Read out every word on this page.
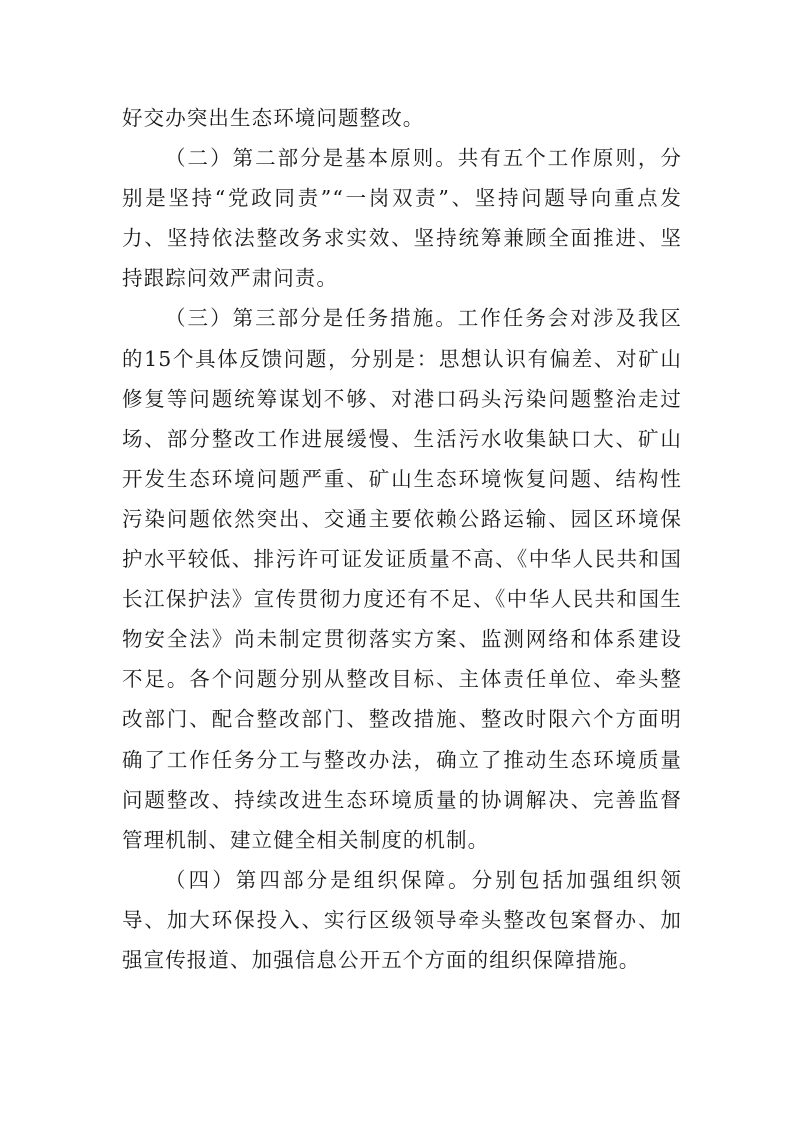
好交办突出生态环境问题整改。

（二）第二部分是基本原则。共有五个工作原则，分别是坚持“党政同责”“一岗双责”、坚持问题导向重点发力、坚持依法整改务求实效、坚持统筹兼顾全面推进、坚持跟踪问效严肃问责。

（三）第三部分是任务措施。工作任务会对涉及我区的15个具体反馈问题，分别是：思想认识有偏差、对矿山修复等问题统筹谋划不够、对港口码头污染问题整治走过场、部分整改工作进展缓慢、生活污水收集缺口大、矿山开发生态环境问题严重、矿山生态环境恢复问题、结构性污染问题依然突出、交通主要依赖公路运输、园区环境保护水平较低、排污许可证发证质量不高、《中华人民共和国长江保护法》宣传贯彻力度还有不足、《中华人民共和国生物安全法》尚未制定贯彻落实方案、监测网络和体系建设不足。各个问题分别从整改目标、主体责任单位、牵头整改部门、配合整改部门、整改措施、整改时限六个方面明确了工作任务分工与整改办法，确立了推动生态环境质量问题整改、持续改进生态环境质量的协调解决、完善监督管理机制、建立健全相关制度的机制。

（四）第四部分是组织保障。分别包括加强组织领导、加大环保投入、实行区级领导牵头整改包案督办、加强宣传报道、加强信息公开五个方面的组织保障措施。
